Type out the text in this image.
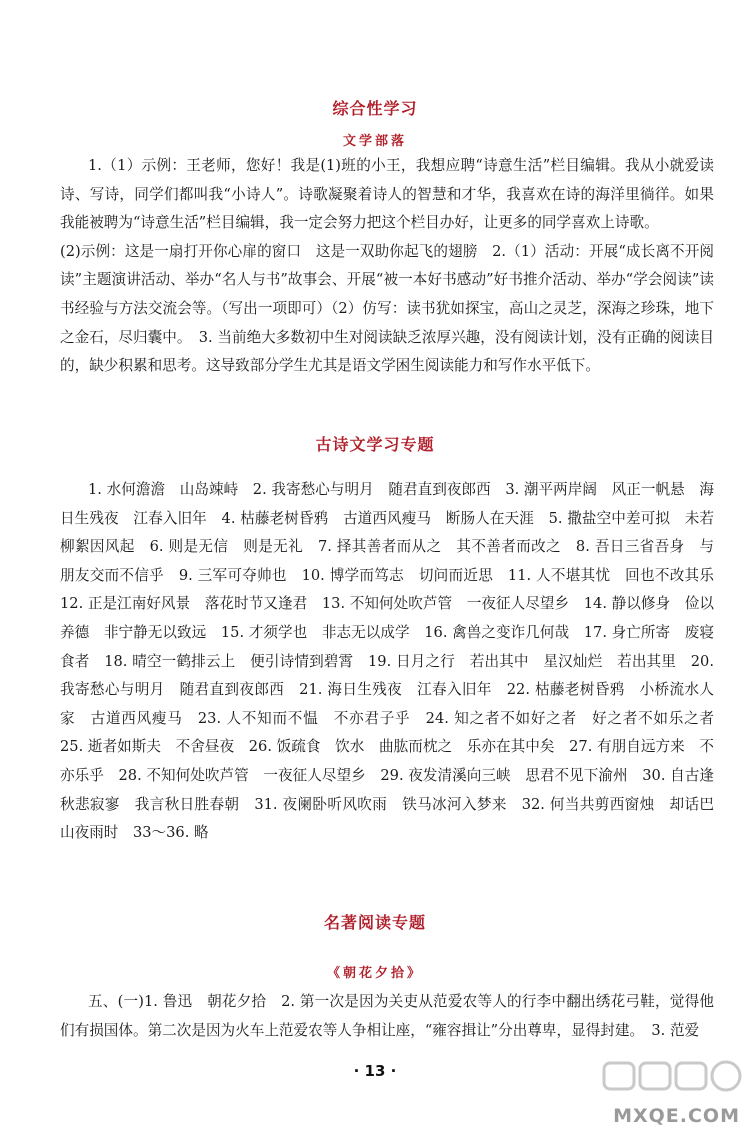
综合性学习
文学部落

1.（1）示例：王老师，您好！我是(1)班的小王，我想应聘“诗意生活”栏目编辑。我从小就爱读诗、写诗，同学们都叫我“小诗人”。诗歌凝聚着诗人的智慧和才华，我喜欢在诗的海洋里徜徉。如果我能被聘为“诗意生活”栏目编辑，我一定会努力把这个栏目办好，让更多的同学喜欢上诗歌。

(2)示例：这是一扇打开你心扉的窗口　这是一双助你起飞的翅膀　2.（1）活动：开展“成长离不开阅读”主题演讲活动、举办“名人与书”故事会、开展“被一本好书感动”好书推介活动、举办“学会阅读”读书经验与方法交流会等。（写出一项即可）（2）仿写：读书犹如探宝，高山之灵芝，深海之珍珠，地下之金石，尽归囊中。　3. 当前绝大多数初中生对阅读缺乏浓厚兴趣，没有阅读计划，没有正确的阅读目的，缺少积累和思考。这导致部分学生尤其是语文学困生阅读能力和写作水平低下。

古诗文学习专题

1. 水何澹澹　山岛竦峙　2. 我寄愁心与明月　随君直到夜郎西　3. 潮平两岸阔　风正一帆悬　海日生残夜　江春入旧年　4. 枯藤老树昏鸦　古道西风瘦马　断肠人在天涯　5. 撒盐空中差可拟　未若柳絮因风起　6. 则是无信　则是无礼　7. 择其善者而从之　其不善者而改之　8. 吾日三省吾身　与朋友交而不信乎　9. 三军可夺帅也　10. 博学而笃志　切问而近思　11. 人不堪其忧　回也不改其乐　12. 正是江南好风景　落花时节又逢君　13. 不知何处吹芦管　一夜征人尽望乡　14. 静以修身　俭以养德　非宁静无以致远　15. 才须学也　非志无以成学　16. 禽兽之变诈几何哉　17. 身亡所寄　废寝食者　18. 晴空一鹤排云上　便引诗情到碧霄　19. 日月之行　若出其中　星汉灿烂　若出其里　20. 我寄愁心与明月　随君直到夜郎西　21. 海日生残夜　江春入旧年　22. 枯藤老树昏鸦　小桥流水人家　古道西风瘦马　23. 人不知而不愠　不亦君子乎　24. 知之者不如好之者　好之者不如乐之者　25. 逝者如斯夫　不舍昼夜　26. 饭疏食　饮水　曲肱而枕之　乐亦在其中矣　27. 有朋自远方来　不亦乐乎　28. 不知何处吹芦管　一夜征人尽望乡　29. 夜发清溪向三峡　思君不见下渝州　30. 自古逢秋悲寂寥　我言秋日胜春朝　31. 夜阑卧听风吹雨　铁马冰河入梦来　32. 何当共剪西窗烛　却话巴山夜雨时　33～36. 略

名著阅读专题
《朝花夕拾》

五、(一)1. 鲁迅　朝花夕拾　2. 第一次是因为关吏从范爱农等人的行李中翻出绣花弓鞋，觉得他们有损国体。第二次是因为火车上范爱农等人争相让座，“雍容揖让”分出尊卑，显得封建。　3. 范爱

· 13 ·
MXQE.COM
